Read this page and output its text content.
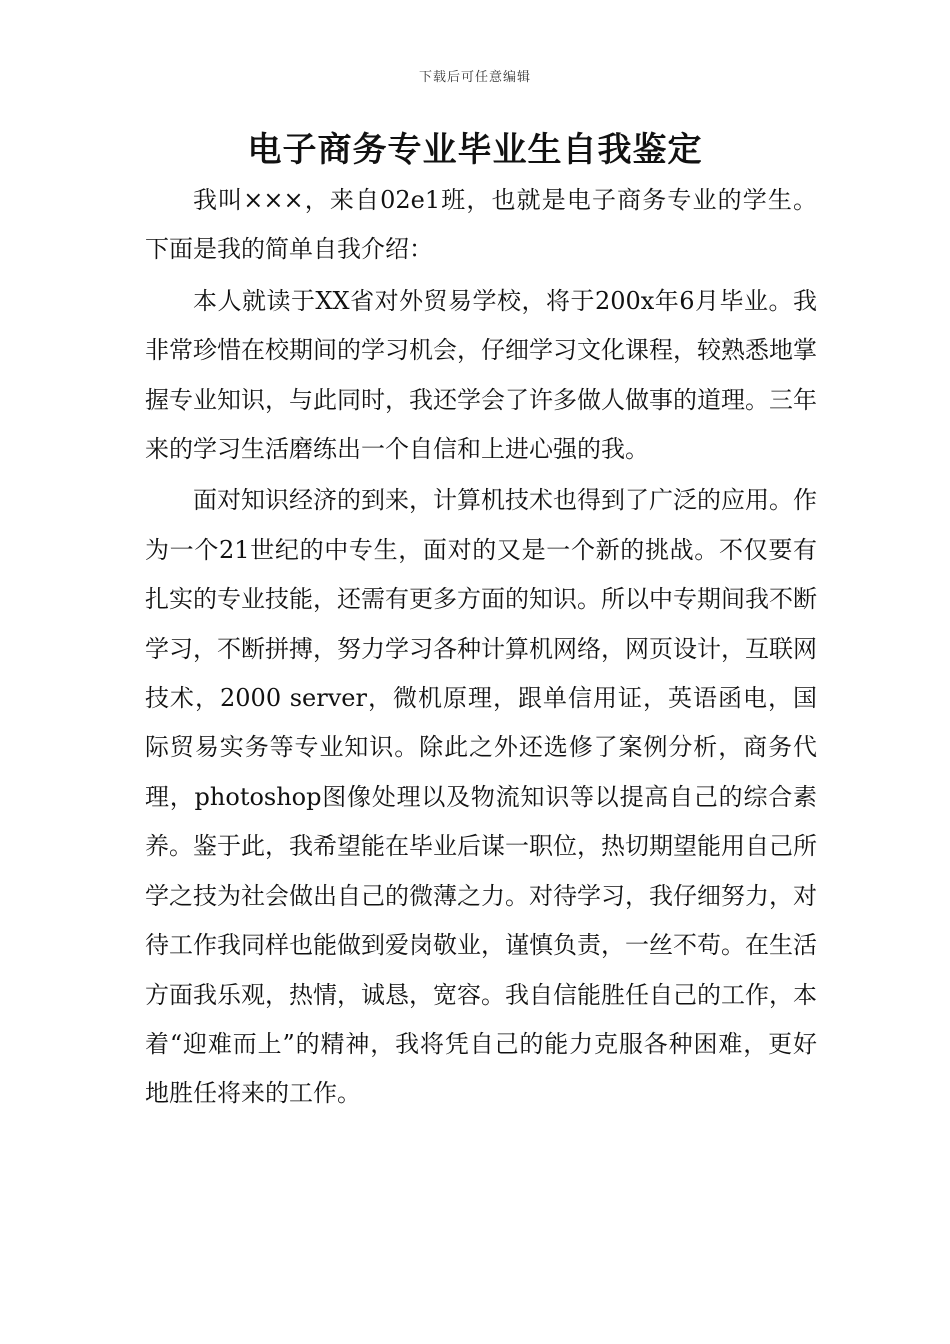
下载后可任意编辑
电子商务专业毕业生自我鉴定

我叫×××，来自02e1班，也就是电子商务专业的学生。下面是我的简单自我介绍：

本人就读于XX省对外贸易学校，将于200x年6月毕业。我非常珍惜在校期间的学习机会，仔细学习文化课程，较熟悉地掌握专业知识，与此同时，我还学会了许多做人做事的道理。三年来的学习生活磨练出一个自信和上进心强的我。

面对知识经济的到来，计算机技术也得到了广泛的应用。作为一个21世纪的中专生，面对的又是一个新的挑战。不仅要有扎实的专业技能，还需有更多方面的知识。所以中专期间我不断学习，不断拼搏，努力学习各种计算机网络，网页设计，互联网技术，2000 server，微机原理，跟单信用证，英语函电，国际贸易实务等专业知识。除此之外还选修了案例分析，商务代理，photoshop图像处理以及物流知识等以提高自己的综合素养。鉴于此，我希望能在毕业后谋一职位，热切期望能用自己所学之技为社会做出自己的微薄之力。对待学习，我仔细努力，对待工作我同样也能做到爱岗敬业，谨慎负责，一丝不苟。在生活方面我乐观，热情，诚恳，宽容。我自信能胜任自己的工作，本着“迎难而上”的精神，我将凭自己的能力克服各种困难，更好地胜任将来的工作。
